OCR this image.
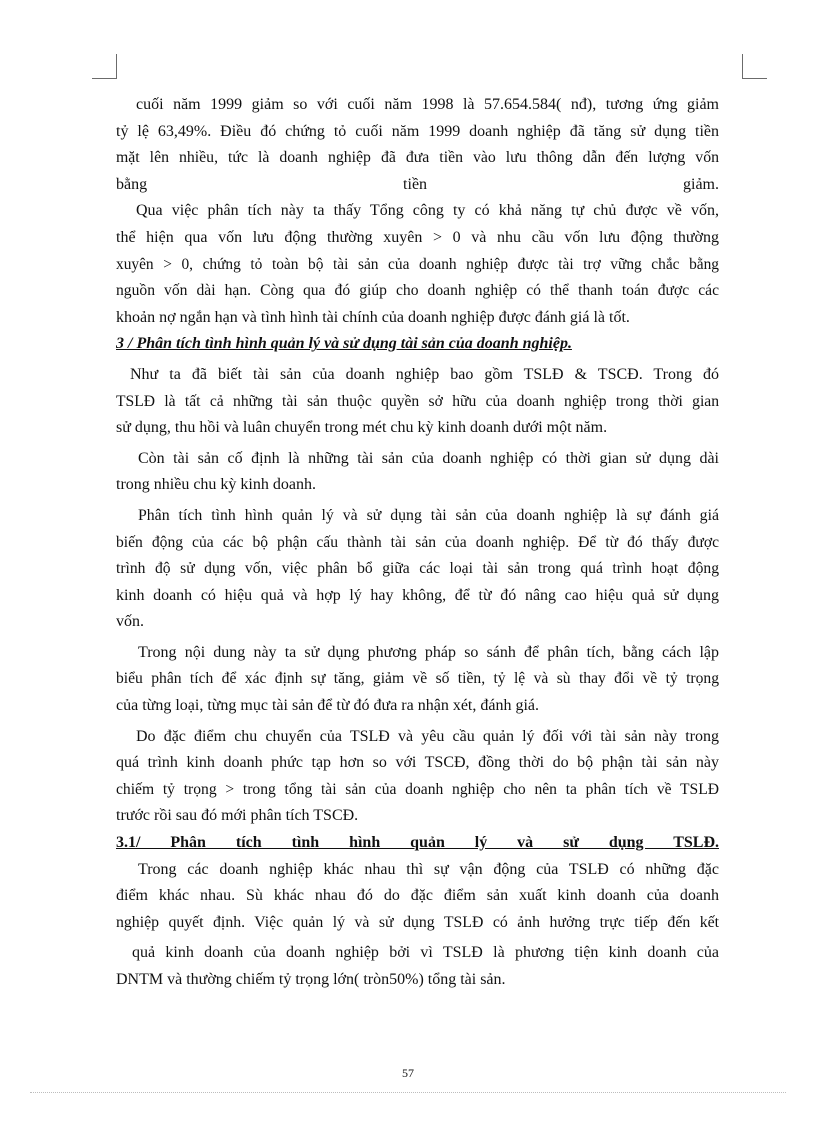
cuối năm 1999 giảm so với cuối năm 1998 là 57.654.584( nđ), tương ứng giảm
tỷ lệ 63,49%. Điều đó chứng tỏ cuối năm 1999 doanh nghiệp đã tăng sử dụng tiền
mặt lên nhiều, tức là doanh nghiệp đã đưa tiền vào lưu thông dẫn đến lượng vốn
bằng                                                    tiền                                                    giảm.
Qua việc phân tích này ta thấy Tổng công ty có khả năng tự chủ được về vốn,
thể hiện qua vốn lưu động thường xuyên > 0 và nhu cầu vốn lưu động thường
xuyên > 0, chứng tỏ toàn bộ tài sản của doanh nghiệp được tài trợ vững chắc bằng
nguồn vốn dài hạn. Còng qua đó giúp cho doanh nghiệp có thể thanh toán được các
khoản nợ ngắn hạn và tình hình tài chính của doanh nghiệp được đánh giá là tốt.
3 / Phân tích tình hình quản lý và sử dụng tài sản của doanh nghiệp.
Như ta đã biết tài sản của doanh nghiệp bao gồm TSLĐ & TSCĐ. Trong đó
TSLĐ là tất cả những tài sản thuộc quyền sở hữu của doanh nghiệp trong thời gian
sử dụng, thu hồi và luân chuyển trong mét chu kỳ kinh doanh dưới một năm.
Còn tài sản cố định là những tài sản của doanh nghiệp có thời gian sử dụng dài
trong nhiều chu kỳ kinh doanh.
Phân tích tình hình quản lý và sử dụng tài sản của doanh nghiệp là sự đánh giá
biến động của các bộ phận cấu thành tài sản của doanh nghiệp. Để từ đó thấy được
trình độ sử dụng vốn, việc phân bổ giữa các loại tài sản trong quá trình hoạt động
kinh doanh có hiệu quả và hợp lý hay không, để từ đó nâng cao hiệu quả sử dụng
vốn.
Trong nội dung này ta sử dụng phương pháp so sánh để phân tích, bằng cách lập
biểu phân tích để xác định sự tăng, giảm về số tiền, tỷ lệ và sù thay đổi về tỷ trọng
của từng loại, từng mục tài sản để từ đó đưa ra nhận xét, đánh giá.
Do đặc điểm chu chuyển của TSLĐ và yêu cầu quản lý đối với tài sản này trong
quá trình kinh doanh phức tạp hơn so với TSCĐ, đồng thời do bộ phận tài sản này
chiếm tỷ trọng > trong tổng tài sản của doanh nghiệp cho nên ta phân tích về TSLĐ
trước rồi sau đó mới phân tích TSCĐ.
3.1/ Phân tích tình hình quản lý và sử dụng TSLĐ.
Trong các doanh nghiệp khác nhau thì sự vận động của TSLĐ có những đặc
điểm khác nhau. Sù khác nhau đó do đặc điểm sản xuất kinh doanh của doanh
nghiệp quyết định. Việc quản lý và sử dụng TSLĐ có ảnh hưởng trực tiếp đến kết
quả kinh doanh của doanh nghiệp bởi vì TSLĐ là phương tiện kinh doanh của
DNTM và thường chiếm tỷ trọng lớn( tròn50%) tổng tài sản.
57
